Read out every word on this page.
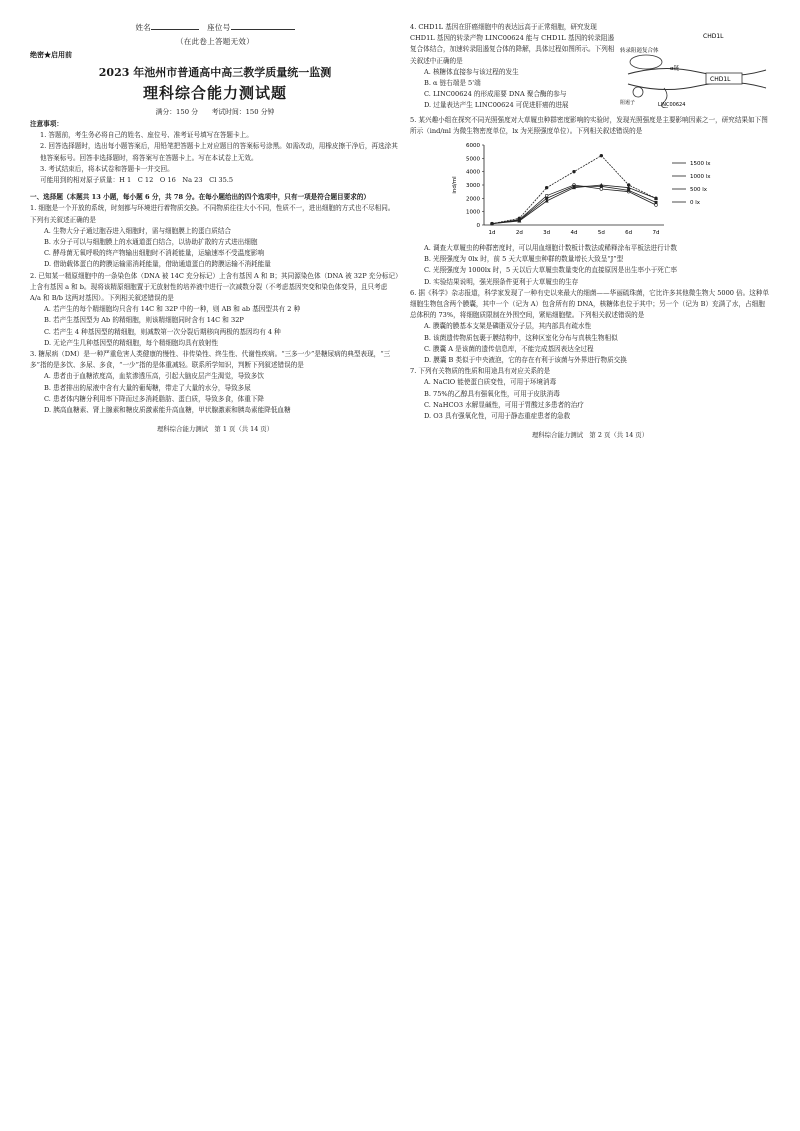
姓名	座位号
（在此卷上答题无效）
绝密★启用前
2023 年池州市普通高中高三教学质量统一监测
理科综合能力测试题
满分：150 分　　考试时间：150 分钟

注意事项：

1. 答题前，考生务必将自己的姓名、座位号、准考证号填写在答题卡上。

2. 回答选择题时，选出每小题答案后，用铅笔把答题卡上对应题目的答案标号涂黑。如需改动，用橡皮擦干净后，再选涂其他答案标号。回答非选择题时，将答案写在答题卡上。写在本试卷上无效。

3. 考试结束后，将本试卷和答题卡一并交回。

可能用到的相对原子质量：H 1　C 12　O 16　Na 23　Cl 35.5

一、选择题（本题共 13 小题，每小题 6 分，共 78 分。在每小题给出的四个选项中，只有一项是符合题目要求的）

1. 细胞是一个开放的系统，时刻都与环境进行着物质交换。不同物质往往大小不同，性质不一，进出细胞的方式也不尽相同。下列有关叙述正确的是

A. 生物大分子通过胞吞进入细胞时，需与细胞膜上的蛋白质结合

B. 水分子可以与细胞膜上的水通道蛋白结合，以协助扩散的方式进出细胞

C. 酵母菌无氧呼吸的终产物输出细胞时不消耗能量，运输速率不受温度影响

D. 借助载体蛋白的跨膜运输需消耗能量，借助通道蛋白的跨膜运输不消耗能量

2. 已知某一精原细胞中的一条染色体（DNA 被 14C 充分标记）上含有基因 A 和 B；其同源染色体（DNA 被 32P 充分标记）上含有基因 a 和 b。现将该精原细胞置于无放射性的培养液中进行一次减数分裂（不考虑基因突变和染色体变异，且只考虑 A/a 和 B/b 这两对基因）。下列相关叙述错误的是

A. 若产生的每个精细胞均只含有 14C 和 32P 中的一种，则 AB 和 ab 基因型共有 2 种

B. 若产生基因型为 Ab 的精细胞，则该精细胞同时含有 14C 和 32P

C. 若产生 4 种基因型的精细胞，则减数第一次分裂后期移向两极的基因均有 4 种

D. 无论产生几种基因型的精细胞，每个精细胞均具有放射性

3. 糖尿病（DM）是一种严重危害人类健康的慢性、非传染性、终生性、代谢性疾病。“三多一少”是糖尿病的典型表现，“三多”指的是多饮、多尿、多食，“一少”指的是体重减轻。联系所学知识，判断下列叙述错误的是

A. 患者由于血糖浓度高，血浆渗透压高，引起大脑皮层产生渴觉，导致多饮

B. 患者排出的尿液中含有大量的葡萄糖，带走了大量的水分，导致多尿

C. 患者体内糖分利用率下降而过多消耗脂肪、蛋白质，导致多食，体重下降

D. 胰高血糖素、肾上腺素和糖皮质激素能升高血糖，甲状腺激素和胰岛素能降低血糖

理科综合能力测试　第 1 页（共 14 页）

4. CHD1L 基因在肝癌细胞中的表达远高于正常细胞，研究发现 CHD1L 基因的转录产物 LINC00624 能与 CHD1L 基因的转录阻遏复合体结合，加速转录阻遏复合体的降解，具体过程如图所示。下列相关叙述中正确的是

CHD1L
转录阻遏复合体
CHD1L
α链
阻遏子	LINC00624

A. 核糖体直接参与该过程的发生

B. α 链右端是 5'端

C. LINC00624 的形成需要 DNA 聚合酶的参与

D. 过量表达产生 LINC00624 可促进肝癌的进展

5. 某兴趣小组在探究不同光照强度对大草履虫种群密度影响的实验时，发现光照强度是主要影响因素之一，研究结果如下图所示（ind/ml 为微生物密度单位，lx 为光照强度单位）。下列相关叙述错误的是

ind/ml
0
1000
2000
3000
4000
5000
6000
1d	2d	3d	4d	5d	6d	7d
1500 lx
1000 lx
500 lx
0 lx

A. 调查大草履虫的种群密度时，可以用血细胞计数板计数法或稀释涂布平板法进行计数

B. 光照强度为 0lx 时，前 5 天大草履虫种群的数量增长大致呈“J”型

C. 光照强度为 1000lx 时，5 天以后大草履虫数量变化的直接原因是出生率小于死亡率

D. 实验结果说明，强光照条件更利于大草履虫的生存

6. 据《科学》杂志报道，科学家发现了一种有史以来最大的细菌——华丽硫珠菌，它比许多其他微生物大 5000 倍。这种单细胞生物包含两个膜囊，其中一个（记为 A）包含所有的 DNA，核糖体也位于其中；另一个（记为 B）充满了水，占细胞总体积的 73%，将细胞质限制在外围空间，紧贴细胞壁。下列相关叙述错误的是

A. 膜囊的膜基本支架是磷脂双分子层，其内部具有疏水性

B. 该菌遗传物质包裹于膜结构中，这种区室化分布与真核生物相似

C. 膜囊 A 是该菌的遗传信息库，不能完成基因表达全过程

D. 膜囊 B 类似于中央液泡，它的存在有利于该菌与外界进行物质交换

7. 下列有关物质的性质和用途具有对应关系的是

A. NaClO 能使蛋白质变性，可用于环境消毒

B. 75%的乙醇具有强氧化性，可用于皮肤消毒

C. NaHCO3 水解显碱性，可用于胃酸过多患者的治疗

D. O3 具有强氧化性，可用于静态重症患者的急救

理科综合能力测试　第 2 页（共 14 页）
